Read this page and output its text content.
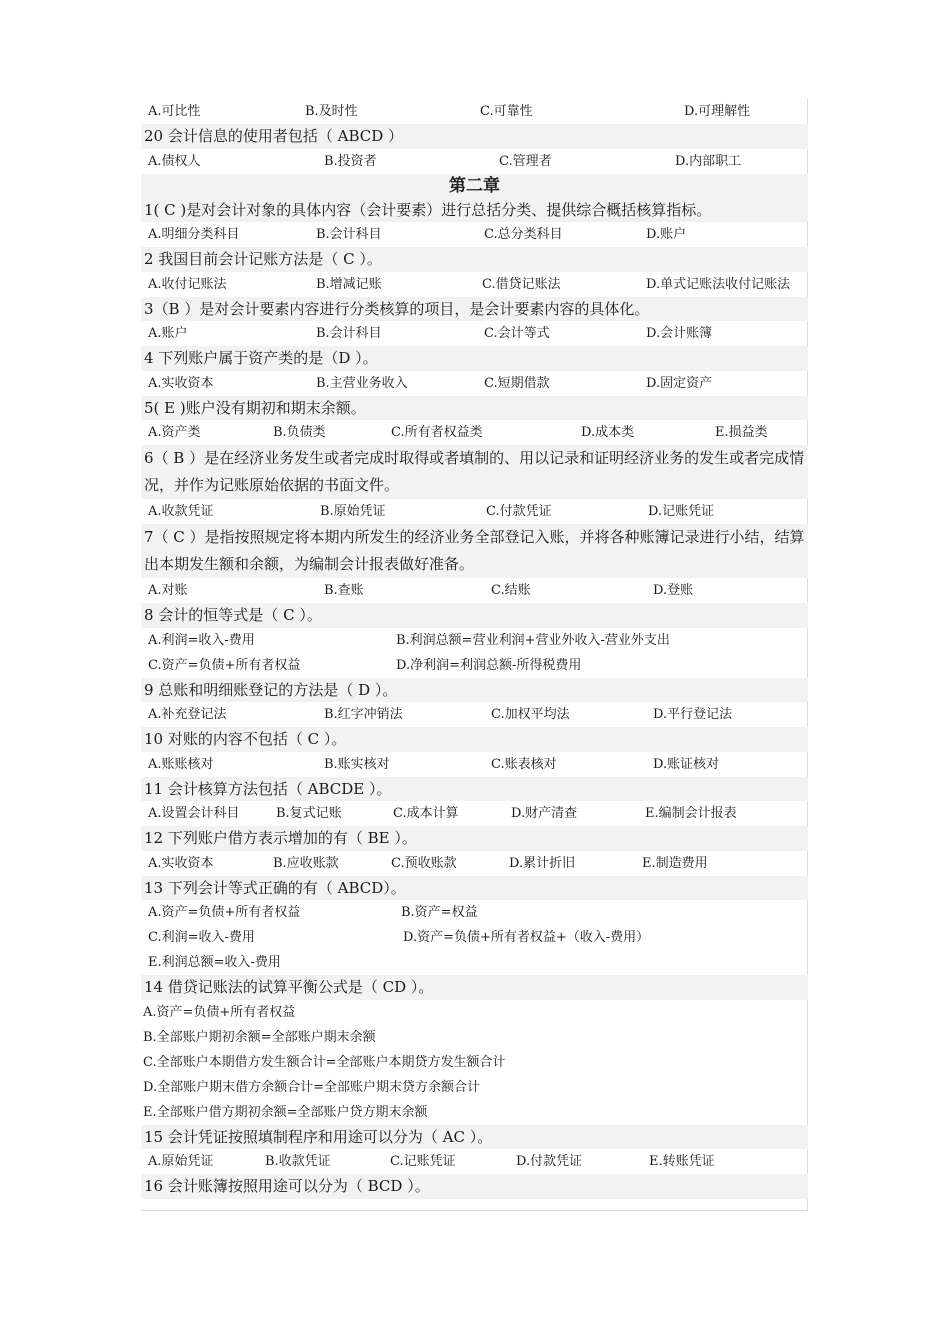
A.可比性	B.及时性	C.可靠性	D.可理解性
20 会计信息的使用者包括（ ABCD ）
A.债权人	B.投资者	C.管理者	D.内部职工
第二章
1( C )是对会计对象的具体内容（会计要素）进行总括分类、提供综合概括核算指标。
A.明细分类科目	B.会计科目	C.总分类科目	D.账户
2 我国目前会计记账方法是（ C ）。
A.收付记账法	B.增减记账	C.借贷记账法	D.单式记账法收付记账法
3（B ）是对会计要素内容进行分类核算的项目，是会计要素内容的具体化。
A.账户	B.会计科目	C.会计等式	D.会计账簿
4 下列账户属于资产类的是（D ）。
A.实收资本	B.主营业务收入	C.短期借款	D.固定资产
5( E )账户没有期初和期末余额。
A.资产类	B.负债类	C.所有者权益类	D.成本类	E.损益类
6（ B ）是在经济业务发生或者完成时取得或者填制的、用以记录和证明经济业务的发生或者完成情况，并作为记账原始依据的书面文件。
A.收款凭证	B.原始凭证	C.付款凭证	D.记账凭证
7（ C ）是指按照规定将本期内所发生的经济业务全部登记入账，并将各种账簿记录进行小结，结算出本期发生额和余额，为编制会计报表做好准备。
A.对账	B.查账	C.结账	D.登账
8 会计的恒等式是（ C ）。
A.利润=收入-费用	B.利润总额=营业利润+营业外收入-营业外支出
C.资产=负债+所有者权益	D.净利润=利润总额-所得税费用
9 总账和明细账登记的方法是（ D ）。
A.补充登记法	B.红字冲销法	C.加权平均法	D.平行登记法
10 对账的内容不包括（ C ）。
A.账账核对	B.账实核对	C.账表核对	D.账证核对
11 会计核算方法包括（ ABCDE ）。
A.设置会计科目	B.复式记账	C.成本计算	D.财产清查	E.编制会计报表
12 下列账户借方表示增加的有（ BE ）。
A.实收资本	B.应收账款	C.预收账款	D.累计折旧	E.制造费用
13 下列会计等式正确的有（ ABCD）。
A.资产=负债+所有者权益	B.资产=权益
C.利润=收入-费用	D.资产=负债+所有者权益+（收入-费用）
E.利润总额=收入-费用
14 借贷记账法的试算平衡公式是（ CD ）。
A.资产=负债+所有者权益
B.全部账户期初余额=全部账户期末余额
C.全部账户本期借方发生额合计=全部账户本期贷方发生额合计
D.全部账户期末借方余额合计=全部账户期末贷方余额合计
E.全部账户借方期初余额=全部账户贷方期末余额
15 会计凭证按照填制程序和用途可以分为（ AC ）。
A.原始凭证	B.收款凭证	C.记账凭证	D.付款凭证	E.转账凭证
16 会计账簿按照用途可以分为（ BCD ）。
